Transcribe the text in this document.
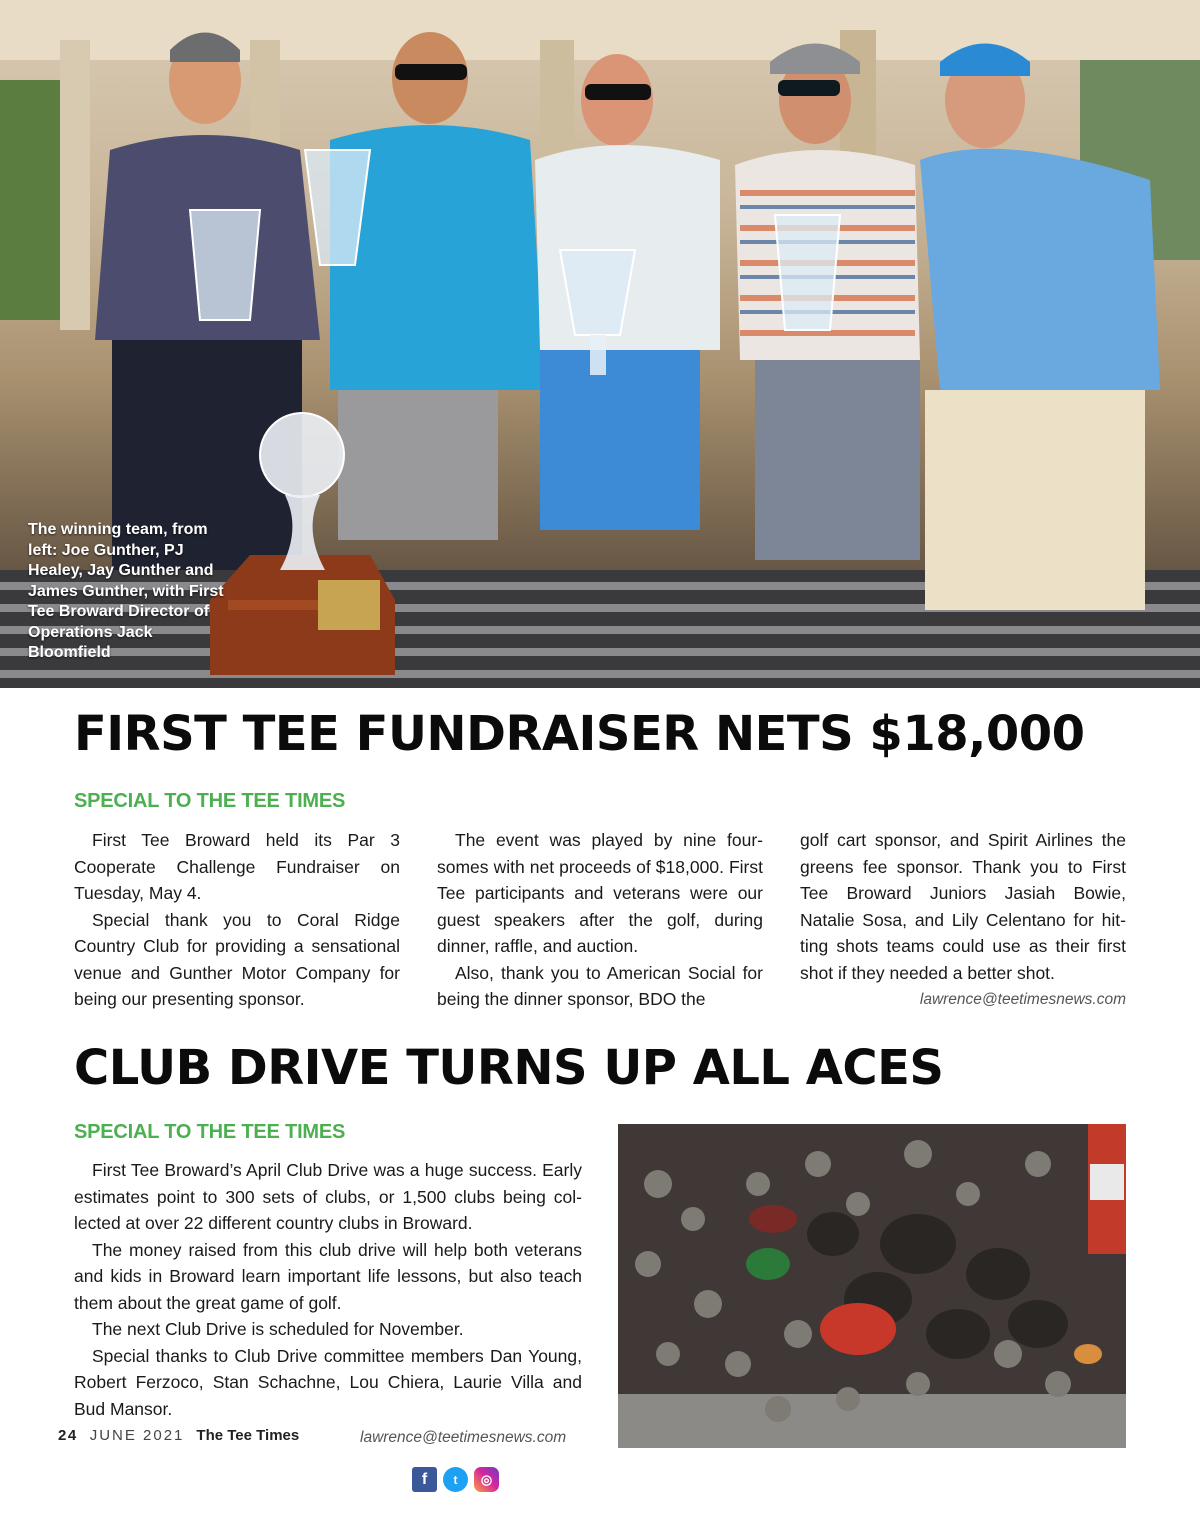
The winning team, from left: Joe Gunther, PJ Healey, Jay Gunther and James Gunther, with First Tee Broward Director of Operations Jack Bloomfield
FIRST TEE FUNDRAISER NETS $18,000
SPECIAL TO THE TEE TIMES

First Tee Broward held its Par 3 Cooperate Challenge Fundraiser on Tuesday, May 4.

Special thank you to Coral Ridge Country Club for providing a sensational venue and Gunther Motor Company for being our presenting sponsor.

The event was played by nine four-somes with net proceeds of $18,000. First Tee participants and veterans were our guest speakers after the golf, during dinner, raffle, and auction.

Also, thank you to American Social for being the dinner sponsor, BDO the

golf cart sponsor, and Spirit Airlines the greens fee sponsor. Thank you to First Tee Broward Juniors Jasiah Bowie, Natalie Sosa, and Lily Celentano for hit-ting shots teams could use as their first shot if they needed a better shot.

lawrence@teetimesnews.com
CLUB DRIVE TURNS UP ALL ACES
SPECIAL TO THE TEE TIMES

First Tee Broward’s April Club Drive was a huge success. Early estimates point to 300 sets of clubs, or 1,500 clubs being col-lected at over 22 different country clubs in Broward.

The money raised from this club drive will help both veterans and kids in Broward learn important life lessons, but also teach them about the great game of golf.

The next Club Drive is scheduled for November.

Special thanks to Club Drive committee members Dan Young, Robert Ferzoco, Stan Schachne, Lou Chiera, Laurie Villa and Bud Mansor.

lawrence@teetimesnews.com
24 JUNE 2021 The Tee Times
f	t	◎
